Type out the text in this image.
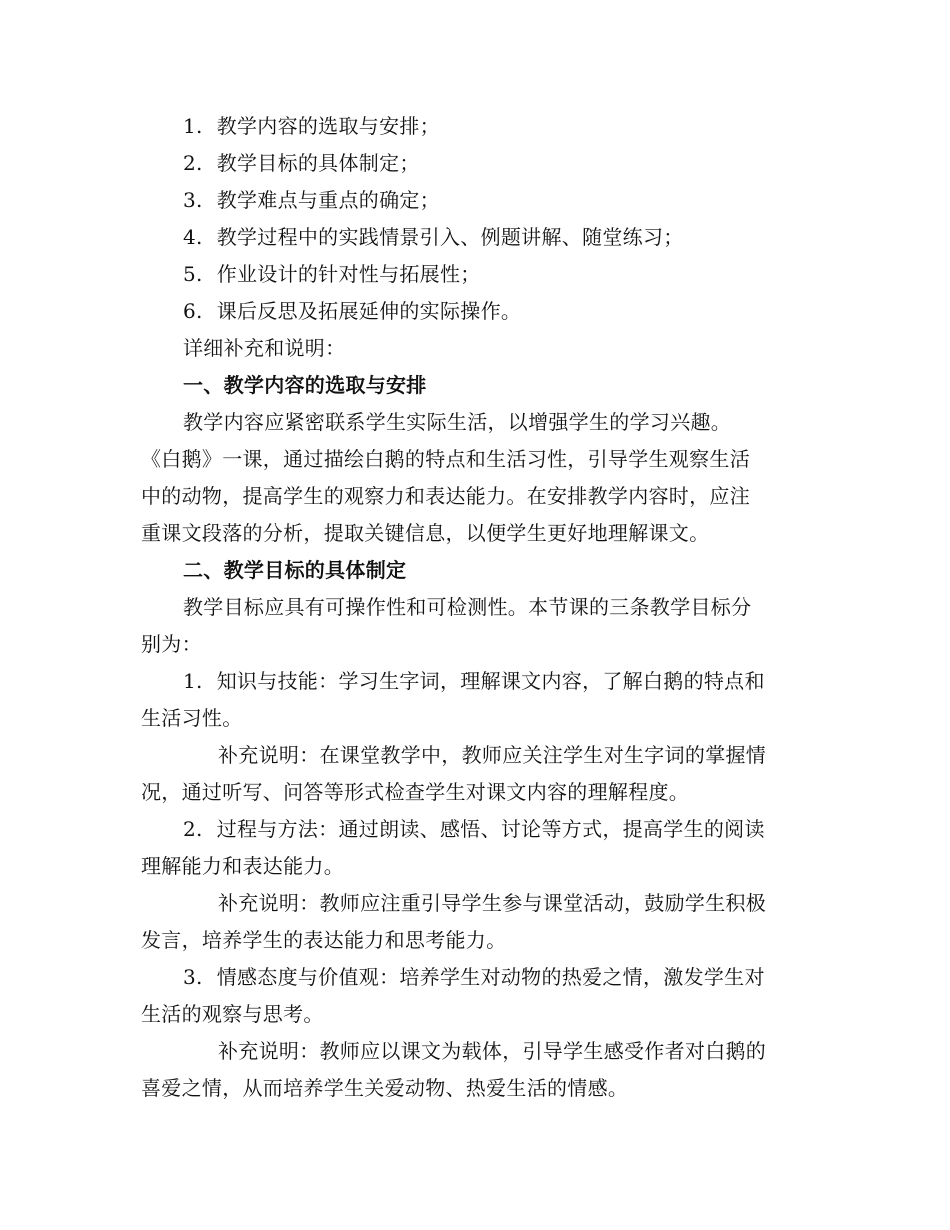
1. 教学内容的选取与安排；
2. 教学目标的具体制定；
3. 教学难点与重点的确定；
4. 教学过程中的实践情景引入、例题讲解、随堂练习；
5. 作业设计的针对性与拓展性；
6. 课后反思及拓展延伸的实际操作。
详细补充和说明：
一、教学内容的选取与安排
教学内容应紧密联系学生实际生活，以增强学生的学习兴趣。
《白鹅》一课，通过描绘白鹅的特点和生活习性，引导学生观察生活
中的动物，提高学生的观察力和表达能力。在安排教学内容时，应注
重课文段落的分析，提取关键信息，以便学生更好地理解课文。
二、教学目标的具体制定
教学目标应具有可操作性和可检测性。本节课的三条教学目标分
别为：
1. 知识与技能：学习生字词，理解课文内容，了解白鹅的特点和
生活习性。
补充说明：在课堂教学中，教师应关注学生对生字词的掌握情
况，通过听写、问答等形式检查学生对课文内容的理解程度。
2. 过程与方法：通过朗读、感悟、讨论等方式，提高学生的阅读
理解能力和表达能力。
补充说明：教师应注重引导学生参与课堂活动，鼓励学生积极
发言，培养学生的表达能力和思考能力。
3. 情感态度与价值观：培养学生对动物的热爱之情，激发学生对
生活的观察与思考。
补充说明：教师应以课文为载体，引导学生感受作者对白鹅的
喜爱之情，从而培养学生关爱动物、热爱生活的情感。
